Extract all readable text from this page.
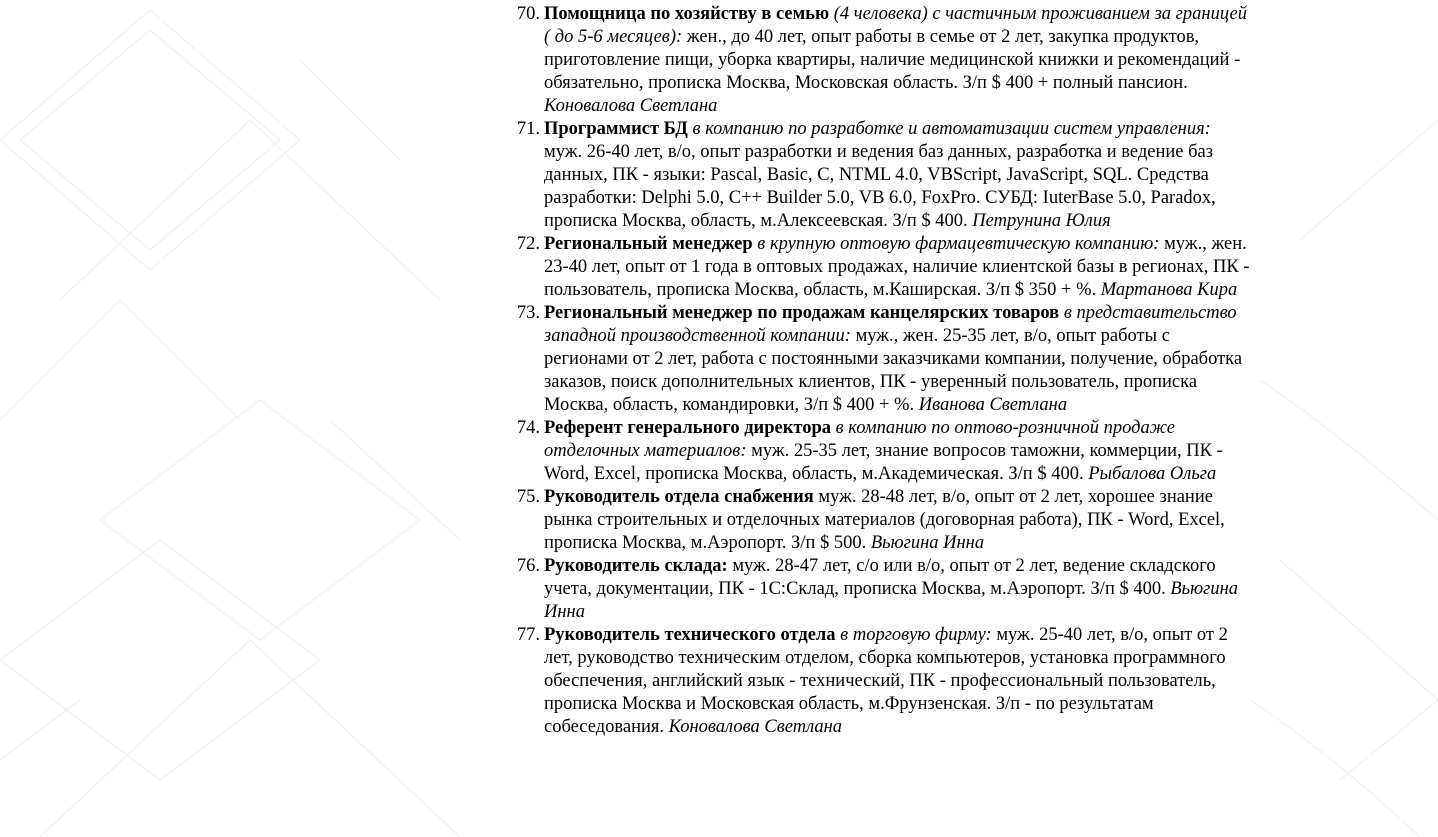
70. Помощница по хозяйству в семью (4 человека) с частичным проживанием за границей ( до 5-6 месяцев): жен., до 40 лет, опыт работы в семье от 2 лет, закупка продуктов, приготовление пищи, уборка квартиры, наличие медицинской книжки и рекомендаций - обязательно, прописка Москва, Московская область. З/п $ 400 + полный пансион. Коновалова Светлана
71. Программист БД в компанию по разработке и автоматизации систем управления: муж. 26-40 лет, в/о, опыт разработки и ведения баз данных, разработка и ведение баз данных, ПК - языки: Pascal, Basic, C, NTML 4.0, VBScript, JavaScript, SQL. Средства разработки: Delphi 5.0, C++ Builder 5.0, VB 6.0, FoxPro. СУБД: IuterBase 5.0, Paradox, прописка Москва, область, м.Алексеевская. З/п $ 400. Петрунина Юлия
72. Региональный менеджер в крупную оптовую фармацевтическую компанию: муж., жен. 23-40 лет, опыт от 1 года в оптовых продажах, наличие клиентской базы в регионах, ПК - пользователь, прописка Москва, область, м.Каширская. З/п $ 350 + %. Мартанова Кира
73. Региональный менеджер по продажам канцелярских товаров в представительство западной производственной компании: муж., жен. 25-35 лет, в/о, опыт работы с регионами от 2 лет, работа с постоянными заказчиками компании, получение, обработка заказов, поиск дополнительных клиентов, ПК - уверенный пользователь, прописка Москва, область, командировки, З/п $ 400 + %. Иванова Светлана
74. Референт генерального директора в компанию по оптово-розничной продаже отделочных материалов: муж. 25-35 лет, знание вопросов таможни, коммерции, ПК - Word, Excel, прописка Москва, область, м.Академическая. З/п $ 400. Рыбалова Ольга
75. Руководитель отдела снабжения муж. 28-48 лет, в/о, опыт от 2 лет, хорошее знание рынка строительных и отделочных материалов (договорная работа), ПК - Word, Excel, прописка Москва, м.Аэропорт. З/п $ 500. Вьюгина Инна
76. Руководитель склада: муж. 28-47 лет, с/о или в/о, опыт от 2 лет, ведение складского учета, документации, ПК - 1С:Склад, прописка Москва, м.Аэропорт. З/п $ 400. Вьюгина Инна
77. Руководитель технического отдела в торговую фирму: муж. 25-40 лет, в/о, опыт от 2 лет, руководство техническим отделом, сборка компьютеров, установка программного обеспечения, английский язык - технический, ПК - профессиональный пользователь, прописка Москва и Московская область, м.Фрунзенская. З/п - по результатам собеседования. Коновалова Светлана
